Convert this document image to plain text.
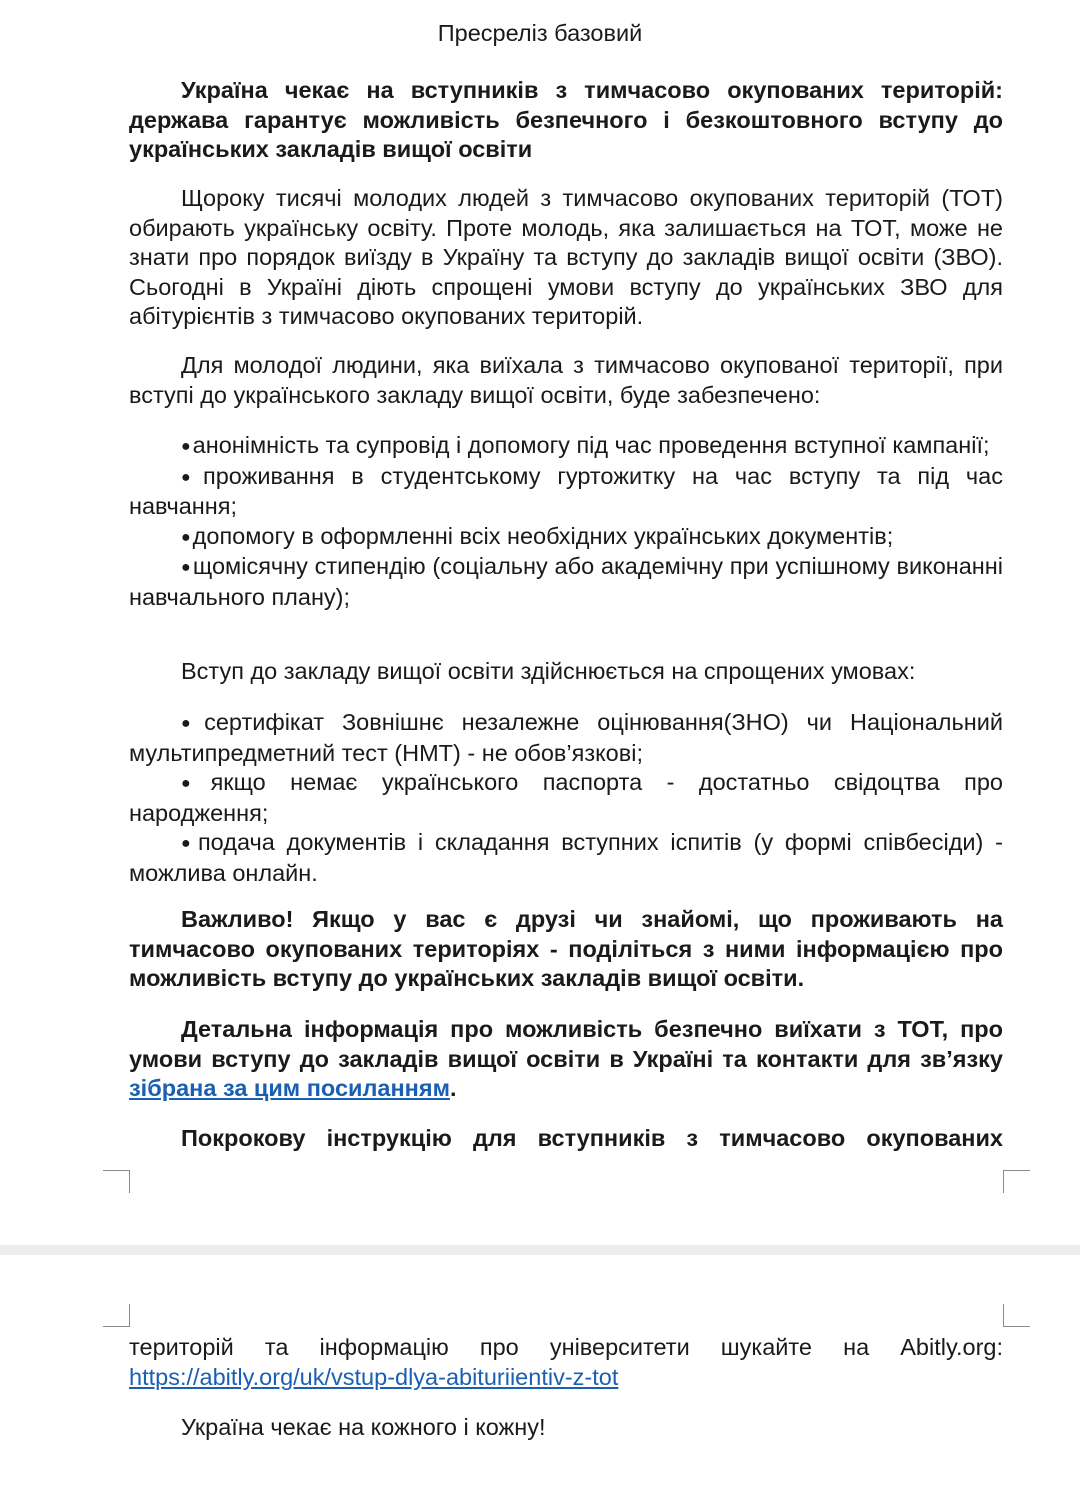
Пресреліз базовий

Україна чекає на вступників з тимчасово окупованих територій: держава гарантує можливість безпечного і безкоштовного вступу до українських закладів вищої освіти

Щороку тисячі молодих людей з тимчасово окупованих територій (ТОТ) обирають українську освіту. Проте молодь, яка залишається на ТОТ, може не знати про порядок виїзду в Україну та вступу до закладів вищої освіти (ЗВО). Сьогодні в Україні діють спрощені умови вступу до українських ЗВО для абітурієнтів з тимчасово окупованих територій.

Для молодої людини, яка виїхала з тимчасово окупованої території, при вступі до українського закладу вищої освіти, буде забезпечено:

●анонімність та супровід і допомогу під час проведення вступної кампанії;

●проживання в студентському гуртожитку на час вступу та під час навчання;

●допомогу в оформленні всіх необхідних українських документів;

●щомісячну стипендію (соціальну або академічну при успішному виконанні навчального плану);

Вступ до закладу вищої освіти здійснюється на спрощених умовах:

●сертифікат Зовнішнє незалежне оцінювання(ЗНО) чи Національний мультипредметний тест (НМТ) - не обов’язкові;

●якщо немає українського паспорта - достатньо свідоцтва про народження;

●подача документів і складання вступних іспитів (у формі співбесіди) - можлива онлайн.

Важливо! Якщо у вас є друзі чи знайомі, що проживають на тимчасово окупованих територіях - поділіться з ними інформацією про можливість вступу до українських закладів вищої освіти.

Детальна інформація про можливість безпечно виїхати з ТОТ, про умови вступу до закладів вищої освіти в Україні та контакти для зв’язку зібрана за цим посиланням.

Покрокову інструкцію для вступників з тимчасово окупованих

територій та інформацію про університети шукайте на Abitly.org: https://abitly.org/uk/vstup-dlya-abituriientiv-z-tot

Україна чекає на кожного і кожну!
